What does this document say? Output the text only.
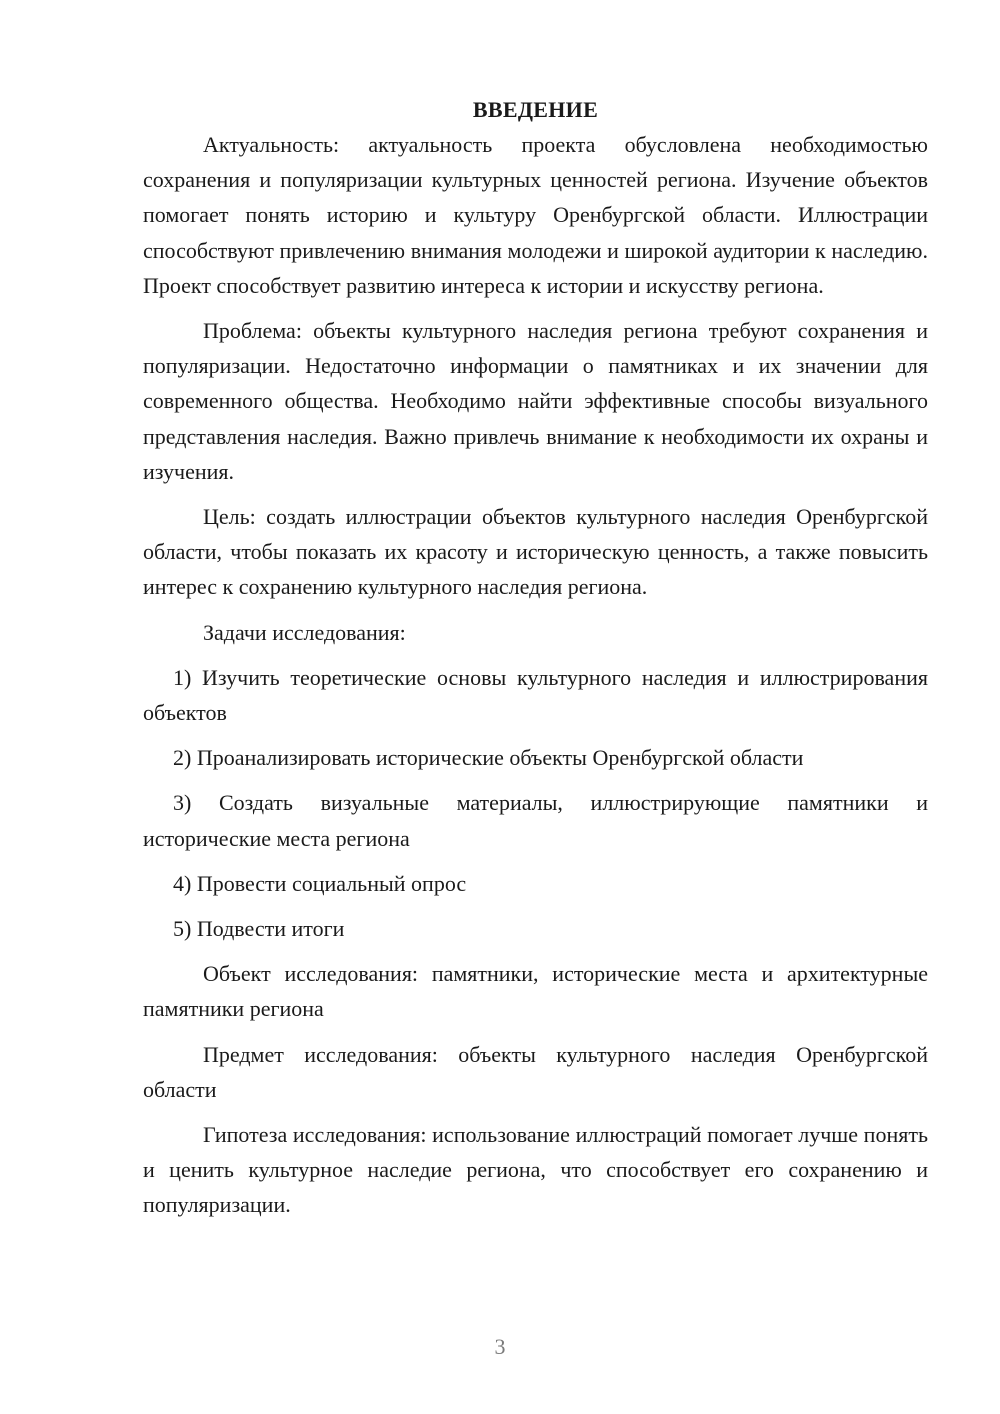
ВВЕДЕНИЕ

Актуальность: актуальность проекта обусловлена необходимостью сохранения и популяризации культурных ценностей региона. Изучение объектов помогает понять историю и культуру Оренбургской области. Иллюстрации способствуют привлечению внимания молодежи и широкой аудитории к наследию. Проект способствует развитию интереса к истории и искусству региона.

Проблема: объекты культурного наследия региона требуют сохранения и популяризации. Недостаточно информации о памятниках и их значении для современного общества. Необходимо найти эффективные способы визуального представления наследия. Важно привлечь внимание к необходимости их охраны и изучения.

Цель: создать иллюстрации объектов культурного наследия Оренбургской области, чтобы показать их красоту и историческую ценность, а также повысить интерес к сохранению культурного наследия региона.

Задачи исследования:

1) Изучить теоретические основы культурного наследия и иллюстрирования объектов

2) Проанализировать исторические объекты Оренбургской области

3) Создать визуальные материалы, иллюстрирующие памятники и исторические места региона

4) Провести социальный опрос

5) Подвести итоги

Объект исследования: памятники, исторические места и архитектурные памятники региона

Предмет исследования: объекты культурного наследия Оренбургской области

Гипотеза исследования: использование иллюстраций помогает лучше понять и ценить культурное наследие региона, что способствует его сохранению и популяризации.

3
